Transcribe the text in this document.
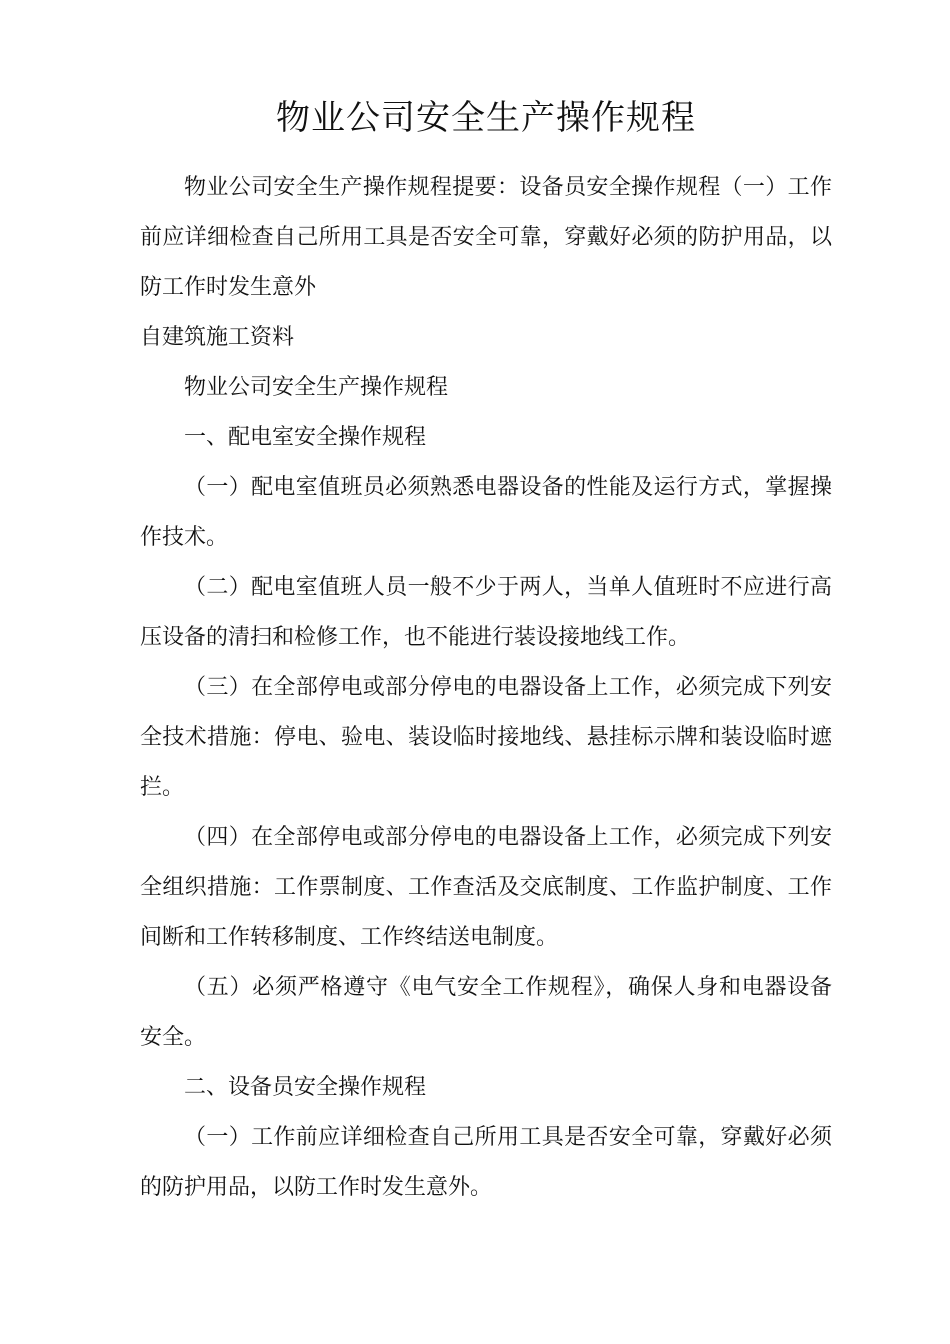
物业公司安全生产操作规程

物业公司安全生产操作规程提要：设备员安全操作规程（一）工作前应详细检查自己所用工具是否安全可靠，穿戴好必须的防护用品，以防工作时发生意外

自建筑施工资料

物业公司安全生产操作规程

一、配电室安全操作规程

（一）配电室值班员必须熟悉电器设备的性能及运行方式，掌握操作技术。

（二）配电室值班人员一般不少于两人，当单人值班时不应进行高压设备的清扫和检修工作，也不能进行装设接地线工作。

（三）在全部停电或部分停电的电器设备上工作，必须完成下列安全技术措施：停电、验电、装设临时接地线、悬挂标示牌和装设临时遮拦。

（四）在全部停电或部分停电的电器设备上工作，必须完成下列安全组织措施：工作票制度、工作查活及交底制度、工作监护制度、工作间断和工作转移制度、工作终结送电制度。

（五）必须严格遵守《电气安全工作规程》，确保人身和电器设备安全。

二、设备员安全操作规程

（一）工作前应详细检查自己所用工具是否安全可靠，穿戴好必须的防护用品，以防工作时发生意外。
